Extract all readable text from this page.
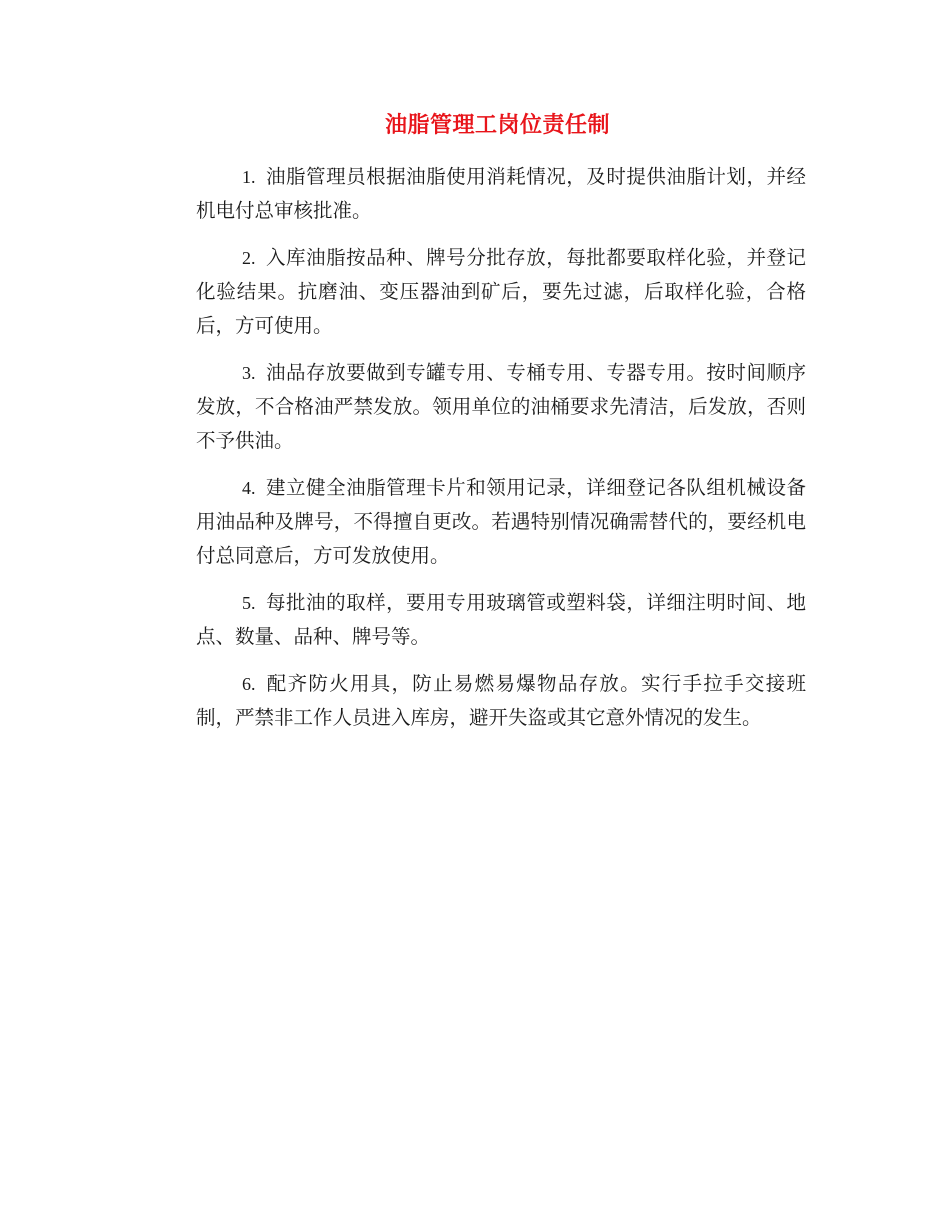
油脂管理工岗位责任制

1. 油脂管理员根据油脂使用消耗情况，及时提供油脂计划，并经机电付总审核批准。

2. 入库油脂按品种、牌号分批存放，每批都要取样化验，并登记化验结果。抗磨油、变压器油到矿后，要先过滤，后取样化验，合格后，方可使用。

3. 油品存放要做到专罐专用、专桶专用、专器专用。按时间顺序发放，不合格油严禁发放。领用单位的油桶要求先清洁，后发放，否则不予供油。

4. 建立健全油脂管理卡片和领用记录，详细登记各队组机械设备用油品种及牌号，不得擅自更改。若遇特别情况确需替代的，要经机电付总同意后，方可发放使用。

5. 每批油的取样，要用专用玻璃管或塑料袋，详细注明时间、地点、数量、品种、牌号等。

6. 配齐防火用具，防止易燃易爆物品存放。实行手拉手交接班制，严禁非工作人员进入库房，避开失盗或其它意外情况的发生。
